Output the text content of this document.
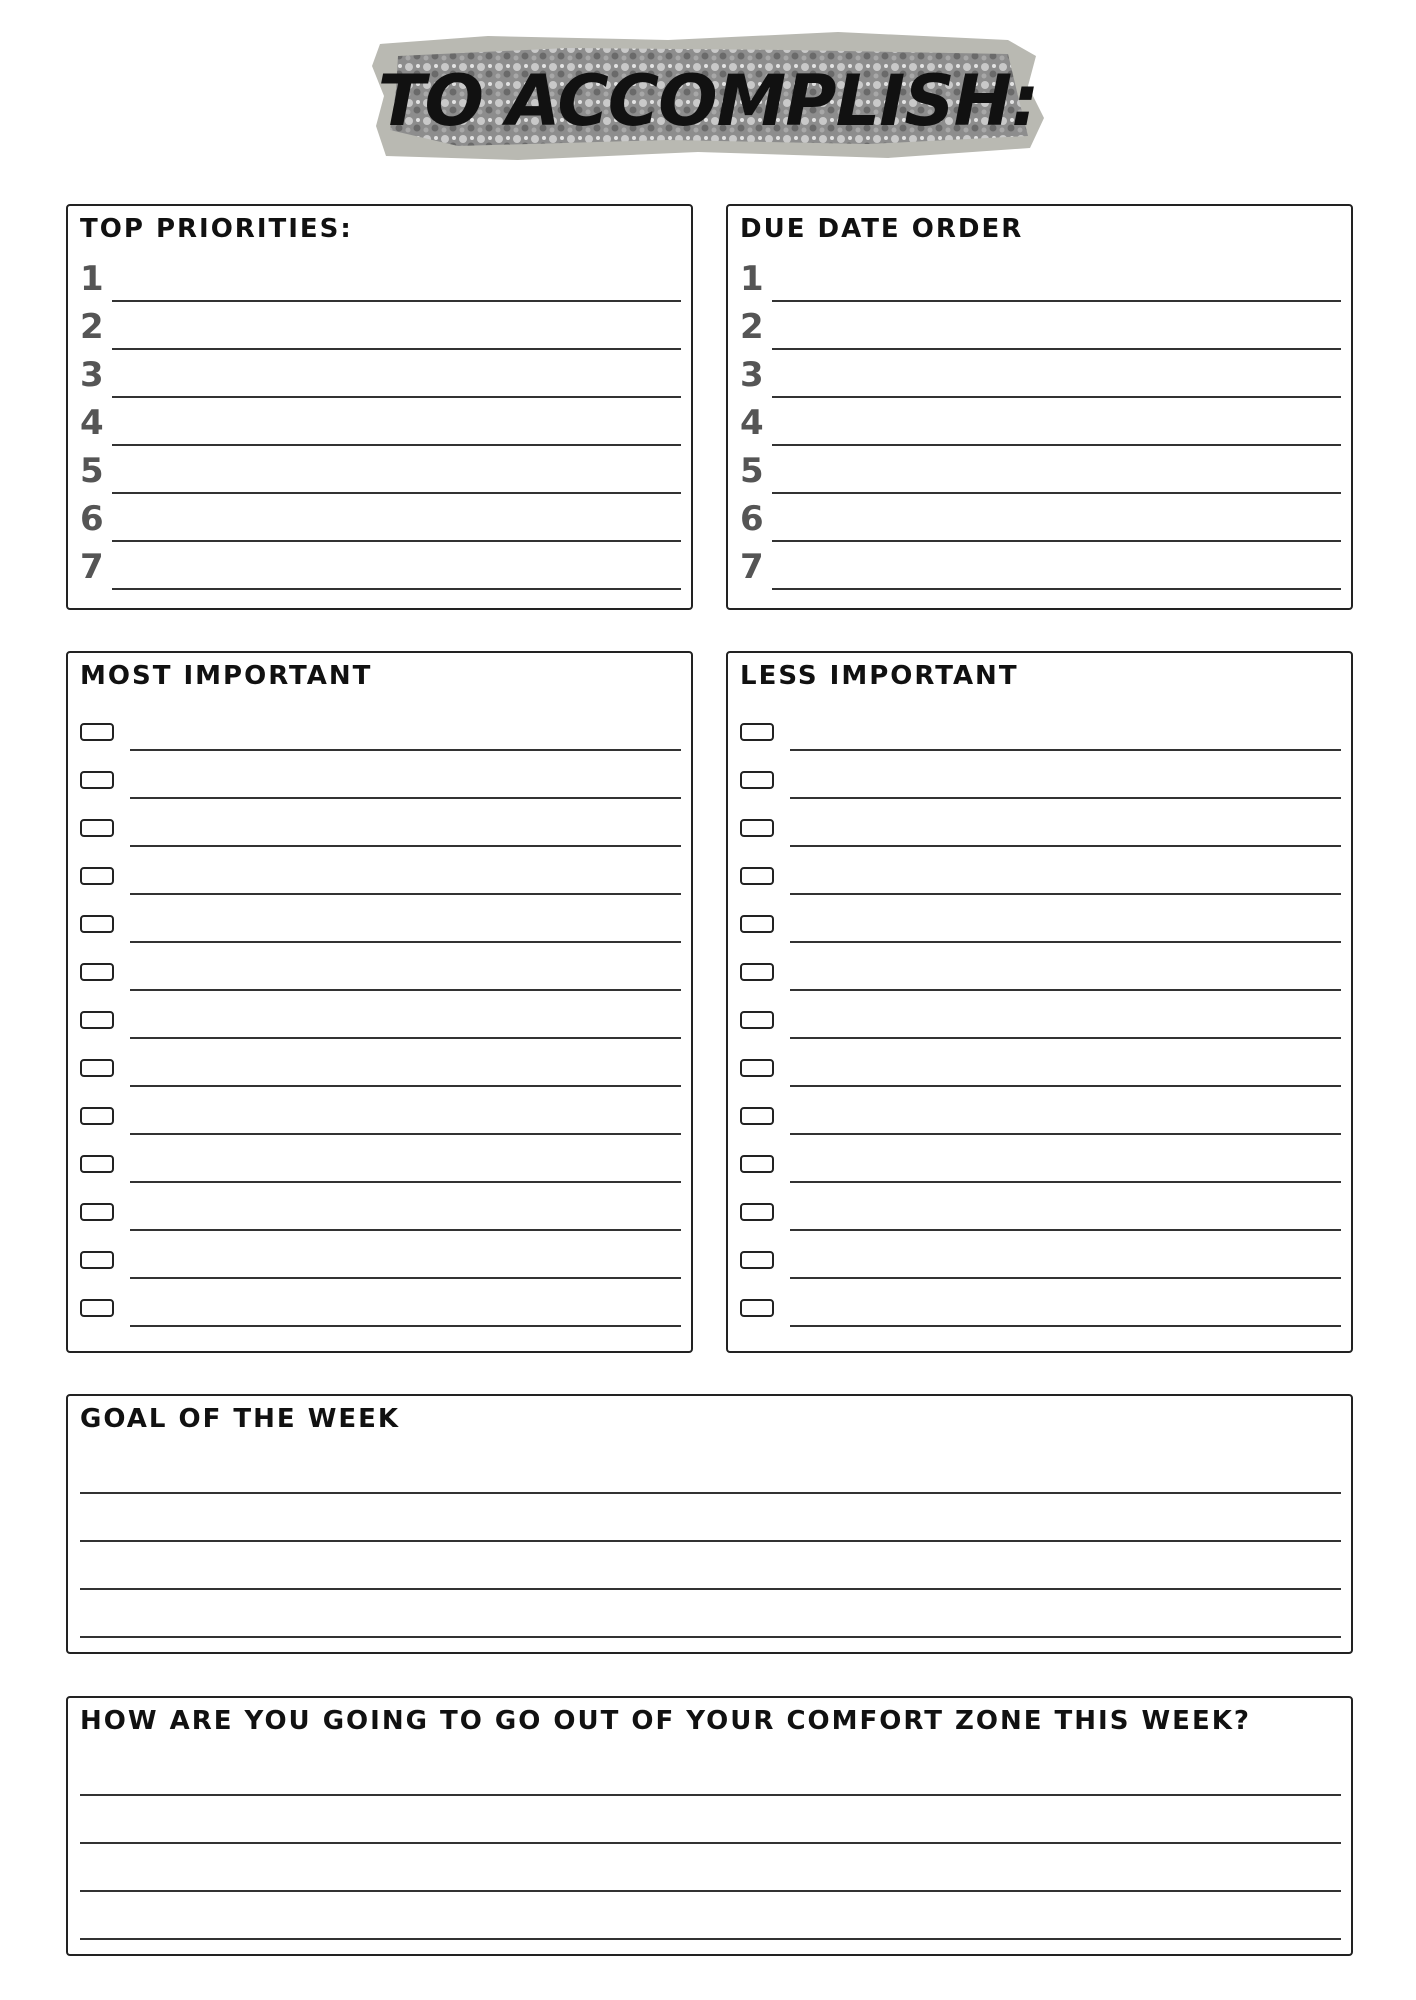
TO ACCOMPLISH:
TOP PRIORITIES:
1
2
3
4
5
6
7
DUE DATE ORDER
1
2
3
4
5
6
7
MOST IMPORTANT	LESS IMPORTANT
GOAL OF THE WEEK
HOW ARE YOU GOING TO GO OUT OF YOUR COMFORT ZONE THIS WEEK?
